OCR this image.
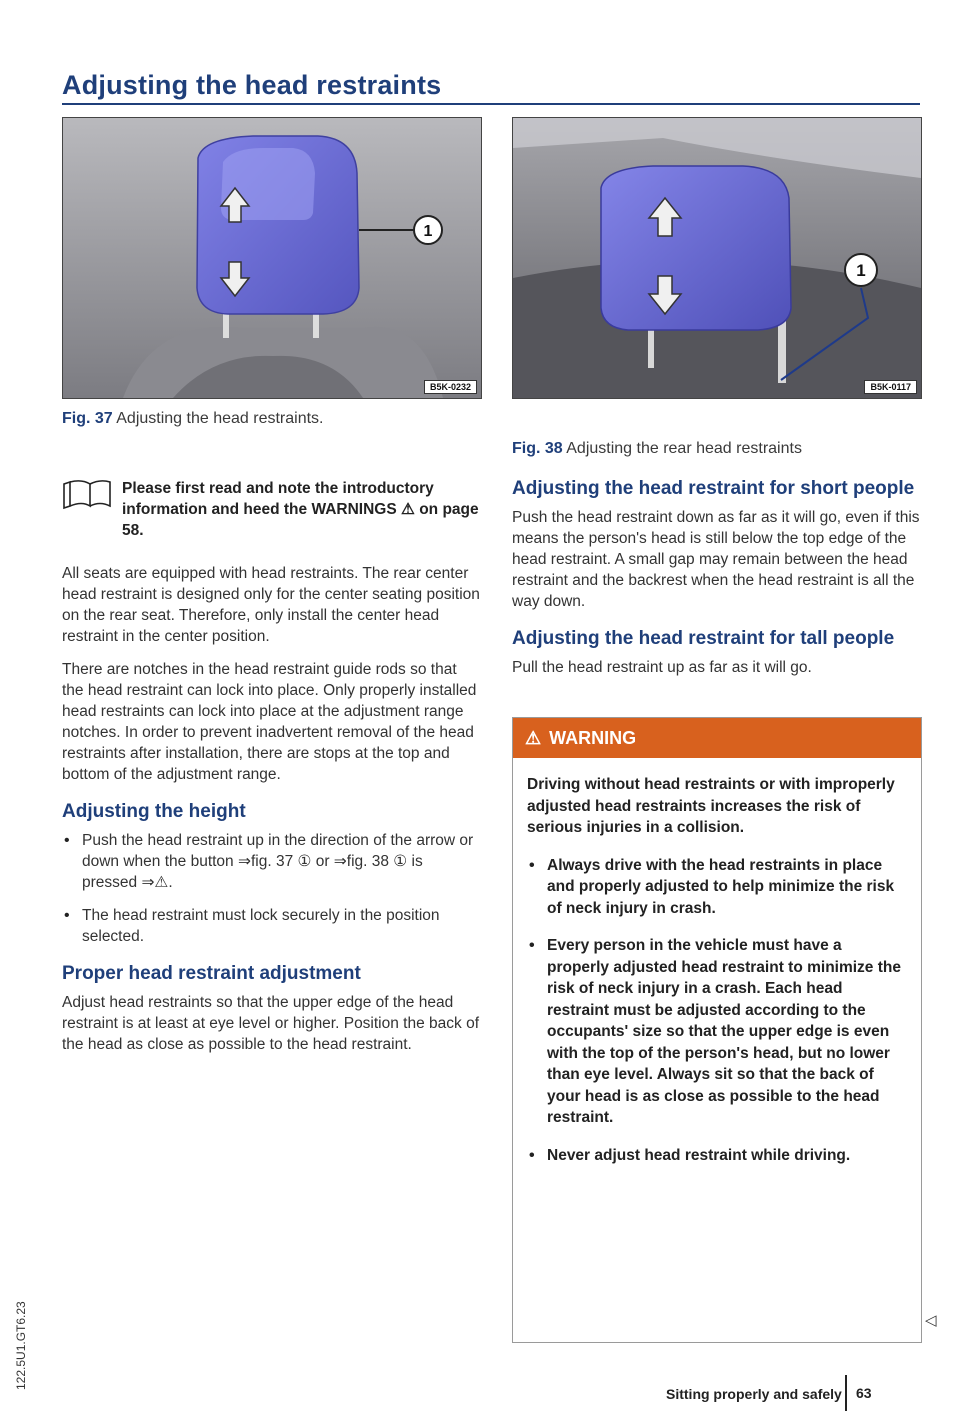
Adjusting the head restraints
1
B5K-0232

Fig. 37 Adjusting the head restraints.

1
B5K-0117

Fig. 38 Adjusting the rear head restraints

Please first read and note the introductory information and heed the WARNINGS ⚠ on page 58.

All seats are equipped with head restraints. The rear center head restraint is designed only for the center seating position on the rear seat. Therefore, only install the center head restraint in the center position.

There are notches in the head restraint guide rods so that the head restraint can lock into place. Only properly installed head restraints can lock into place at the adjustment range notches. In order to prevent inadvertent removal of the head restraints after installation, there are stops at the top and bottom of the adjustment range.

Adjusting the height
• Push the head restraint up in the direction of the arrow or down when the button ⇒fig. 37 ① or ⇒fig. 38 ① is pressed ⇒⚠.
• The head restraint must lock securely in the position selected.
Proper head restraint adjustment

Adjust head restraints so that the upper edge of the head restraint is at least at eye level or higher. Position the back of the head as close as possible to the head restraint.

Adjusting the head restraint for short people

Push the head restraint down as far as it will go, even if this means the person's head is still below the top edge of the head restraint. A small gap may remain between the head restraint and the backrest when the head restraint is all the way down.

Adjusting the head restraint for tall people

Pull the head restraint up as far as it will go.

⚠ WARNING

Driving without head restraints or with improperly adjusted head restraints increases the risk of serious injuries in a collision.

• Always drive with the head restraints in place and properly adjusted to help minimize the risk of neck injury in crash.
• Every person in the vehicle must have a properly adjusted head restraint to minimize the risk of neck injury in a crash. Each head restraint must be adjusted according to the occupants' size so that the upper edge is even with the top of the person's head, but no lower than eye level. Always sit so that the back of your head is as close as possible to the head restraint.
• Never adjust head restraint while driving.
◁
122.5U1.GT6.23
Sitting properly and safely 63
